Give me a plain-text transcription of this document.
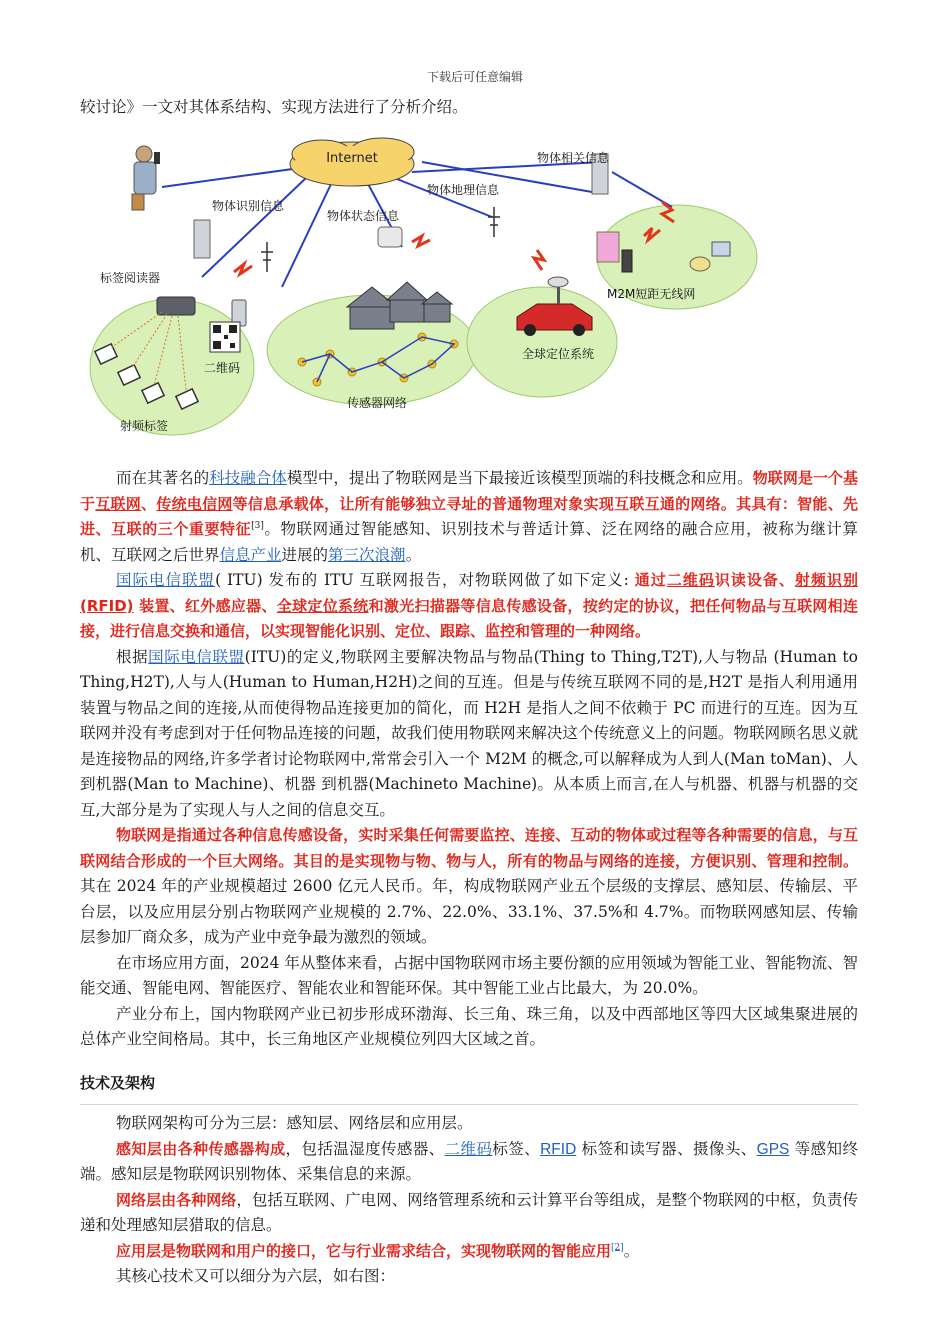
下载后可任意编辑
较讨论》一文对其体系结构、实现方法进行了分析介绍。
Internet	物体相关信息
物体地理信息
物体识别信息
物体状态信息
标签阅读器
二维码
射频标签
传感器网络
全球定位系统
M2M短距无线网

而在其著名的科技融合体模型中，提出了物联网是当下最接近该模型顶端的科技概念和应用。物联网是一个基于互联网、传统电信网等信息承载体，让所有能够独立寻址的普通物理对象实现互联互通的网络。其具有：智能、先进、互联的三个重要特征[3]。物联网通过智能感知、识别技术与普适计算、泛在网络的融合应用，被称为继计算机、互联网之后世界信息产业进展的第三次浪潮。

国际电信联盟( ITU) 发布的 ITU 互联网报告，对物联网做了如下定义: 通过二维码识读设备、射频识别(RFID) 装置、红外感应器、全球定位系统和激光扫描器等信息传感设备，按约定的协议，把任何物品与互联网相连接，进行信息交换和通信，以实现智能化识别、定位、跟踪、监控和管理的一种网络。

根据国际电信联盟(ITU)的定义,物联网主要解决物品与物品(Thing to Thing,T2T),人与物品 (Human to Thing,H2T),人与人(Human to Human,H2H)之间的互连。但是与传统互联网不同的是,H2T 是指人利用通用装置与物品之间的连接,从而使得物品连接更加的简化，而 H2H 是指人之间不依赖于 PC 而进行的互连。因为互联网并没有考虑到对于任何物品连接的问题，故我们使用物联网来解决这个传统意义上的问题。物联网顾名思义就是连接物品的网络,许多学者讨论物联网中,常常会引入一个 M2M 的概念,可以解释成为人到人(Man toMan)、人到机器(Man to Machine)、机器 到机器(Machineto Machine)。从本质上而言,在人与机器、机器与机器的交互,大部分是为了实现人与人之间的信息交互。

物联网是指通过各种信息传感设备，实时采集任何需要监控、连接、互动的物体或过程等各种需要的信息，与互联网结合形成的一个巨大网络。其目的是实现物与物、物与人，所有的物品与网络的连接，方便识别、管理和控制。其在 2024 年的产业规模超过 2600 亿元人民币。年，构成物联网产业五个层级的支撑层、感知层、传输层、平台层，以及应用层分别占物联网产业规模的 2.7%、22.0%、33.1%、37.5%和 4.7%。而物联网感知层、传输层参加厂商众多，成为产业中竞争最为激烈的领域。

在市场应用方面，2024 年从整体来看，占据中国物联网市场主要份额的应用领域为智能工业、智能物流、智能交通、智能电网、智能医疗、智能农业和智能环保。其中智能工业占比最大，为 20.0%。

产业分布上，国内物联网产业已初步形成环渤海、长三角、珠三角，以及中西部地区等四大区域集聚进展的总体产业空间格局。其中，长三角地区产业规模位列四大区域之首。

技术及架构

物联网架构可分为三层：感知层、网络层和应用层。

感知层由各种传感器构成，包括温湿度传感器、二维码标签、RFID 标签和读写器、摄像头、GPS 等感知终端。感知层是物联网识别物体、采集信息的来源。

网络层由各种网络，包括互联网、广电网、网络管理系统和云计算平台等组成，是整个物联网的中枢，负责传递和处理感知层猎取的信息。

应用层是物联网和用户的接口，它与行业需求结合，实现物联网的智能应用[2]。

其核心技术又可以细分为六层，如右图：
